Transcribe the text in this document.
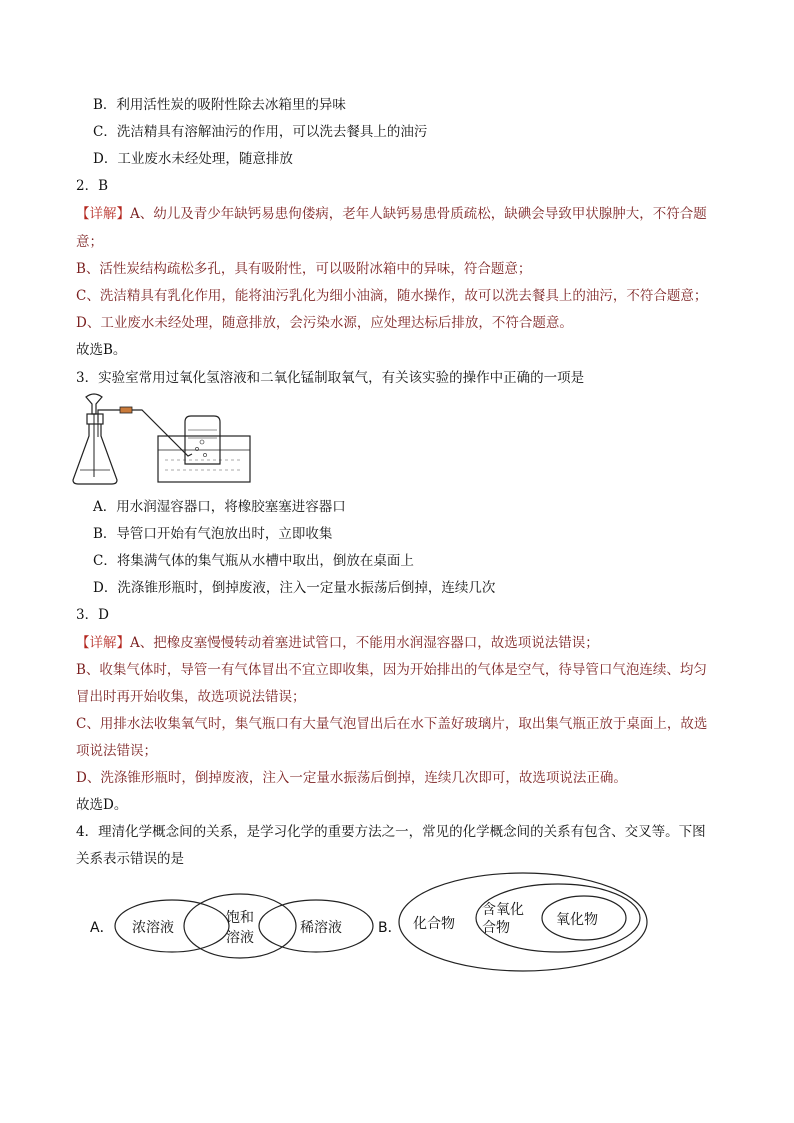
B．利用活性炭的吸附性除去冰箱里的异味
C．洗洁精具有溶解油污的作用，可以洗去餐具上的油污
D．工业废水未经处理，随意排放
2．B
【详解】A、幼儿及青少年缺钙易患佝偻病，老年人缺钙易患骨质疏松，缺碘会导致甲状腺肿大，不符合题
意；
B、活性炭结构疏松多孔，具有吸附性，可以吸附冰箱中的异味，符合题意；
C、洗洁精具有乳化作用，能将油污乳化为细小油滴，随水操作，故可以洗去餐具上的油污，不符合题意；
D、工业废水未经处理，随意排放，会污染水源，应处理达标后排放，不符合题意。
故选B。
3．实验室常用过氧化氢溶液和二氧化锰制取氧气，有关该实验的操作中正确的一项是
A．用水润湿容器口，将橡胶塞塞进容器口
B．导管口开始有气泡放出时，立即收集
C．将集满气体的集气瓶从水槽中取出，倒放在桌面上
D．洗涤锥形瓶时，倒掉废液，注入一定量水振荡后倒掉，连续几次
3．D
【详解】A、把橡皮塞慢慢转动着塞进试管口，不能用水润湿容器口，故选项说法错误；
B、收集气体时，导管一有气体冒出不宜立即收集，因为开始排出的气体是空气，待导管口气泡连续、均匀
冒出时再开始收集，故选项说法错误；
C、用排水法收集氧气时，集气瓶口有大量气泡冒出后在水下盖好玻璃片，取出集气瓶正放于桌面上，故选
项说法错误；
D、洗涤锥形瓶时，倒掉废液，注入一定量水振荡后倒掉，连续几次即可，故选项说法正确。
故选D。
4．理清化学概念间的关系，是学习化学的重要方法之一，常见的化学概念间的关系有包含、交叉等。下图
关系表示错误的是
A． 浓溶液
饱和
溶液
稀溶液	B． 化合物
含氧化
合物	氧化物
